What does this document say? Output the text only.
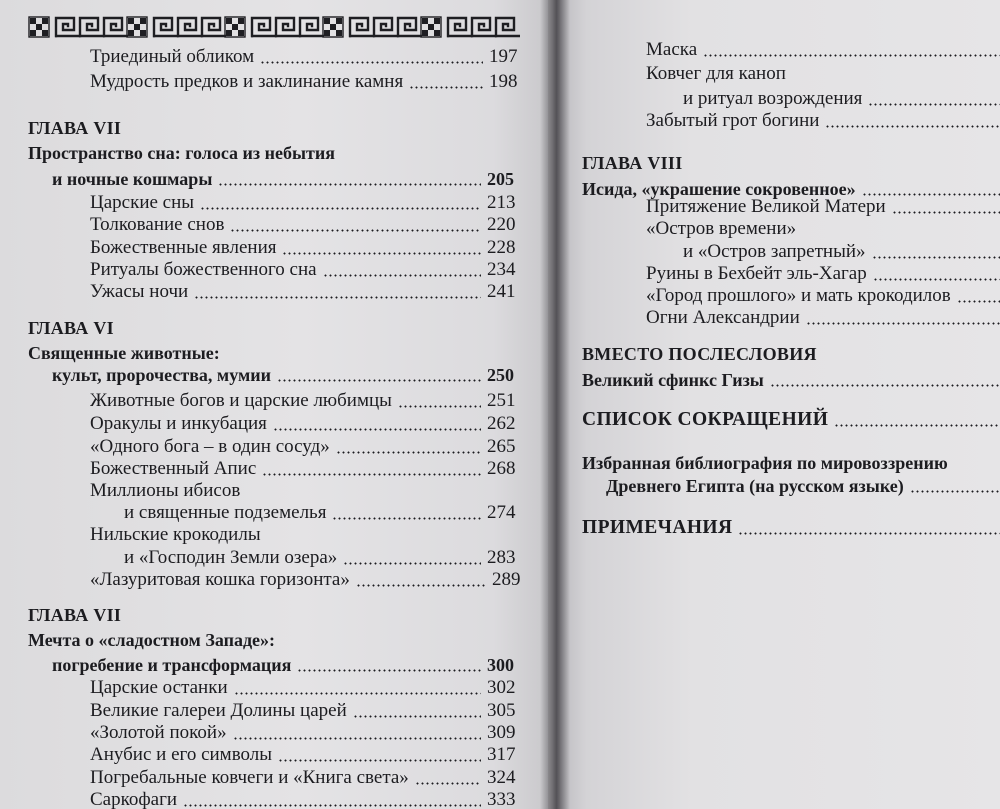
Триединый обликом	197
Мудрость предков и заклинание камня	198
ГЛАВА VII
Пространство сна: голоса из небытия
и ночные кошмары	205
Царские сны	213
Толкование снов	220
Божественные явления	228
Ритуалы божественного сна	234
Ужасы ночи	241
ГЛАВА VI
Священные животные:
культ, пророчества, мумии	250
Животные богов и царские любимцы	251
Оракулы и инкубация	262
«Одного бога – в один сосуд»	265
Божественный Апис	268
Миллионы ибисов
и священные подземелья	274
Нильские крокодилы
и «Господин Земли озера»	283
«Лазуритовая кошка горизонта»	289
ГЛАВА VII
Мечта о «сладостном Западе»:
погребение и трансформация	300
Царские останки	302
Великие галереи Долины царей	305
«Золотой покой»	309
Анубис и его символы	317
Погребальные ковчеги и «Книга света»	324
Саркофаги	333
Маска
Ковчег для каноп
и ритуал возрождения
Забытый грот богини
ГЛАВА VIII
Исида, «украшение сокровенное»
Притяжение Великой Матери
«Остров времени»
и «Остров запретный»
Руины в Бехбейт эль-Хагар
«Город прошлого» и мать крокодилов
Огни Александрии
ВМЕСТО ПОСЛЕСЛОВИЯ
Великий сфинкс Гизы
СПИСОК СОКРАЩЕНИЙ
Избранная библиография по мировоззрению
Древнего Египта (на русском языке)
ПРИМЕЧАНИЯ
